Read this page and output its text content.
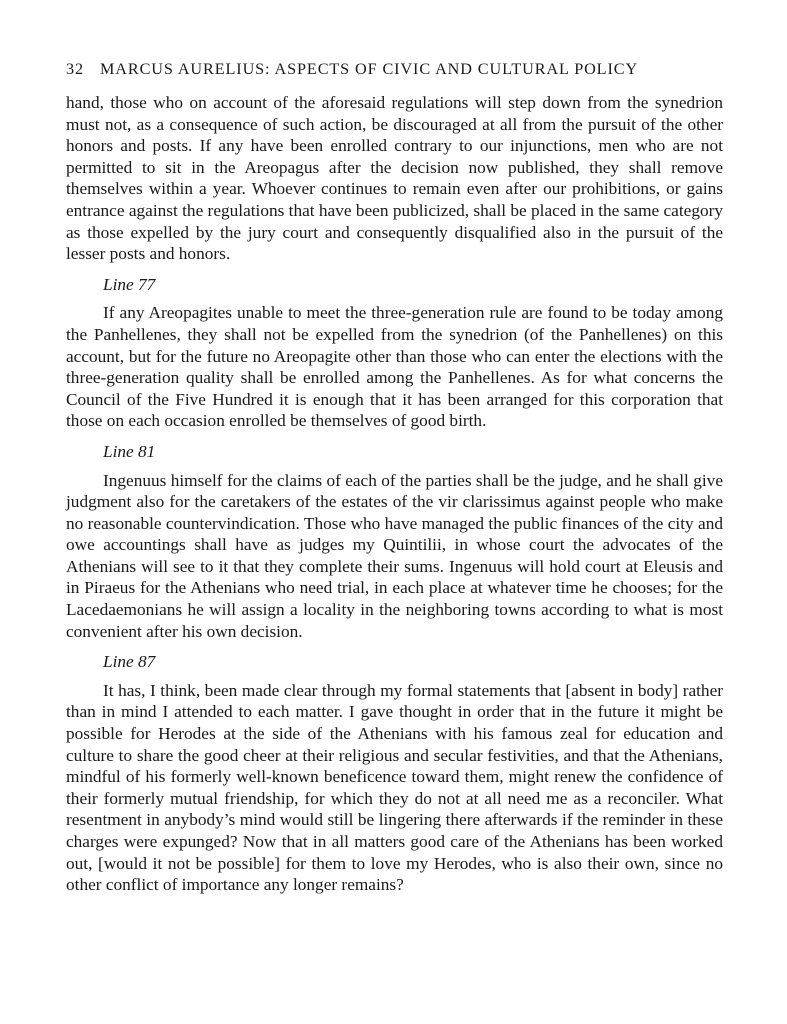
32 MARCUS AURELIUS: ASPECTS OF CIVIC AND CULTURAL POLICY

hand, those who on account of the aforesaid regulations will step down from the synedrion must not, as a consequence of such action, be discouraged at all from the pursuit of the other honors and posts. If any have been enrolled contrary to our injunctions, men who are not permitted to sit in the Areopagus after the decision now published, they shall remove themselves within a year. Whoever continues to remain even after our prohibitions, or gains entrance against the regulations that have been publicized, shall be placed in the same category as those expelled by the jury court and consequently disqualified also in the pursuit of the lesser posts and honors.

Line 77

If any Areopagites unable to meet the three-generation rule are found to be today among the Panhellenes, they shall not be expelled from the synedrion (of the Panhellenes) on this account, but for the future no Areopagite other than those who can enter the elections with the three-generation quality shall be enrolled among the Panhellenes. As for what concerns the Council of the Five Hundred it is enough that it has been arranged for this corporation that those on each occasion enrolled be themselves of good birth.

Line 81

Ingenuus himself for the claims of each of the parties shall be the judge, and he shall give judgment also for the caretakers of the estates of the vir clarissimus against people who make no reasonable countervindication. Those who have managed the public finances of the city and owe accountings shall have as judges my Quintilii, in whose court the advocates of the Athenians will see to it that they complete their sums. Ingenuus will hold court at Eleusis and in Piraeus for the Athenians who need trial, in each place at whatever time he chooses; for the Lacedaemonians he will assign a locality in the neighboring towns according to what is most convenient after his own decision.

Line 87

It has, I think, been made clear through my formal statements that [absent in body] rather than in mind I attended to each matter. I gave thought in order that in the future it might be possible for Herodes at the side of the Athenians with his famous zeal for education and culture to share the good cheer at their religious and secular festivities, and that the Athenians, mindful of his formerly well-known beneficence toward them, might renew the confidence of their formerly mutual friendship, for which they do not at all need me as a reconciler. What resentment in anybody’s mind would still be lingering there afterwards if the reminder in these charges were expunged? Now that in all matters good care of the Athenians has been worked out, [would it not be possible] for them to love my Herodes, who is also their own, since no other conflict of importance any longer remains?
